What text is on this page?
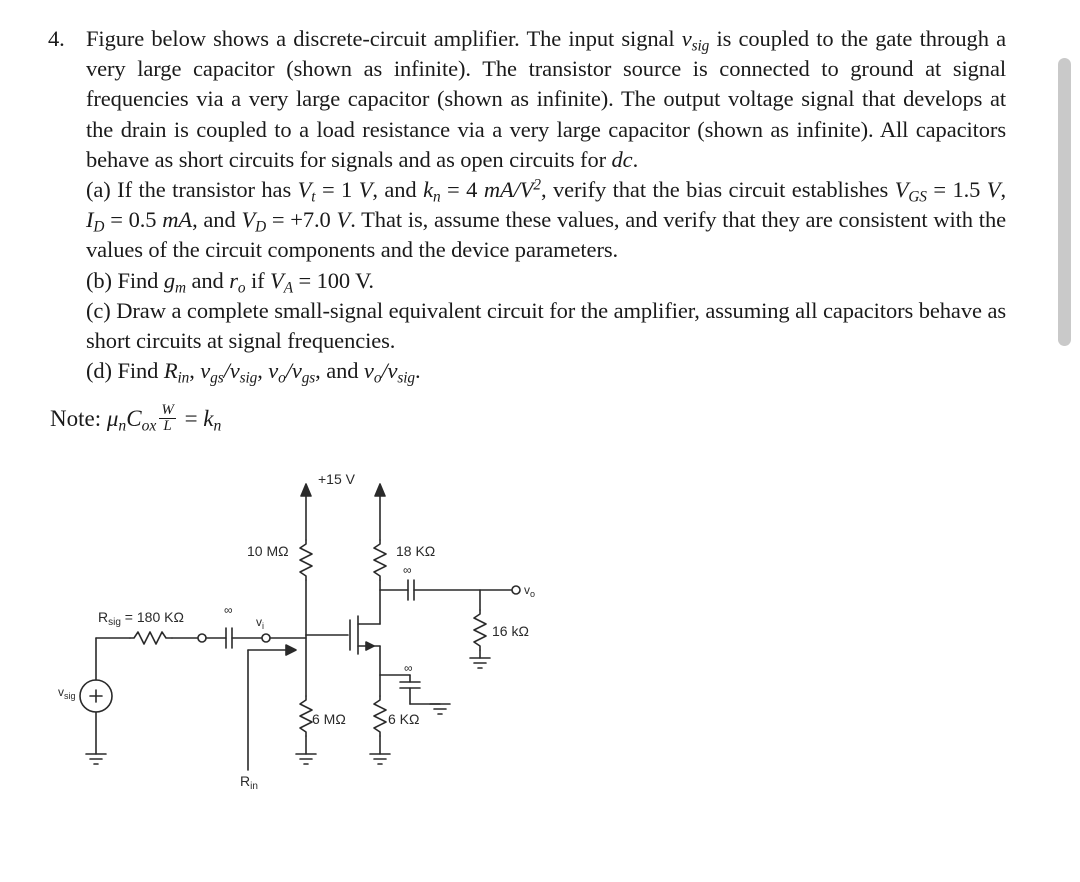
4. Figure below shows a discrete-circuit amplifier. The input signal $v_{sig}$ is coupled to the gate through a very large capacitor (shown as infinite). The transistor source is connected to ground at signal frequencies via a very large capacitor (shown as infinite). The output voltage signal that develops at the drain is coupled to a load resistance via a very large capacitor (shown as infinite). All capacitors behave as short circuits for signals and as open circuits for dc.

(a) If the transistor has $V_t = 1$ V, and $k_n = 4$ $mA/V^2$, verify that the bias circuit establishes $V_{GS} = 1.5$ V, $I_D = 0.5$ mA, and $V_D = +7.0$ V. That is, assume these values, and verify that they are consistent with the values of the circuit components and the device parameters.

(b) Find $g_m$ and $r_o$ if $V_A = 100$ V.

(c) Draw a complete small-signal equivalent circuit for the amplifier, assuming all capacitors behave as short circuits at signal frequencies.

(d) Find $R_{in}$, $v_{gs}/v_{sig}$, $v_o/v_{gs}$, and $v_o/v_{sig}$.

Note: $\mu_nC_{ox} \frac{W}{L} = k_n$
+15 V
10 MΩ	18 KΩ
$R_{sig} = 180$ KΩ
$v_{sig}$
$v_i$
∞
∞
∞
6 MΩ	6 KΩ
16 kΩ
$v_o$
$R_{in}$
